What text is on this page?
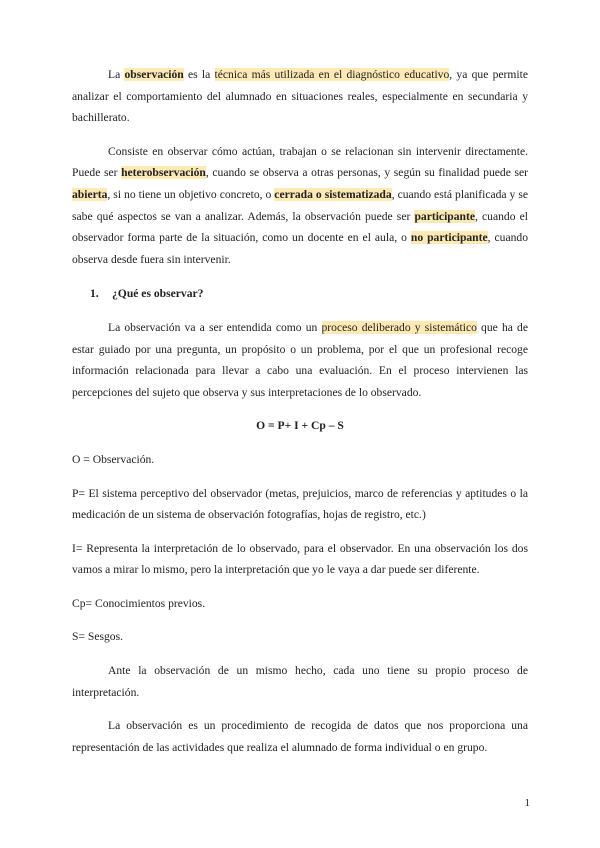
La observación es la técnica más utilizada en el diagnóstico educativo, ya que permite analizar el comportamiento del alumnado en situaciones reales, especialmente en secundaria y bachillerato.

Consiste en observar cómo actúan, trabajan o se relacionan sin intervenir directamente. Puede ser heterobservación, cuando se observa a otras personas, y según su finalidad puede ser abierta, si no tiene un objetivo concreto, o cerrada o sistematizada, cuando está planificada y se sabe qué aspectos se van a analizar. Además, la observación puede ser participante, cuando el observador forma parte de la situación, como un docente en el aula, o no participante, cuando observa desde fuera sin intervenir.

1. ¿Qué es observar?

La observación va a ser entendida como un proceso deliberado y sistemático que ha de estar guiado por una pregunta, un propósito o un problema, por el que un profesional recoge información relacionada para llevar a cabo una evaluación. En el proceso intervienen las percepciones del sujeto que observa y sus interpretaciones de lo observado.

O = P+ I + Cp – S

O = Observación.

P= El sistema perceptivo del observador (metas, prejuicios, marco de referencias y aptitudes o la medicación de un sistema de observación fotografías, hojas de registro, etc.)

I= Representa la interpretación de lo observado, para el observador. En una observación los dos vamos a mirar lo mismo, pero la interpretación que yo le vaya a dar puede ser diferente.

Cp= Conocimientos previos.

S= Sesgos.

Ante la observación de un mismo hecho, cada uno tiene su propio proceso de interpretación.

La observación es un procedimiento de recogida de datos que nos proporciona una representación de las actividades que realiza el alumnado de forma individual o en grupo.

1
